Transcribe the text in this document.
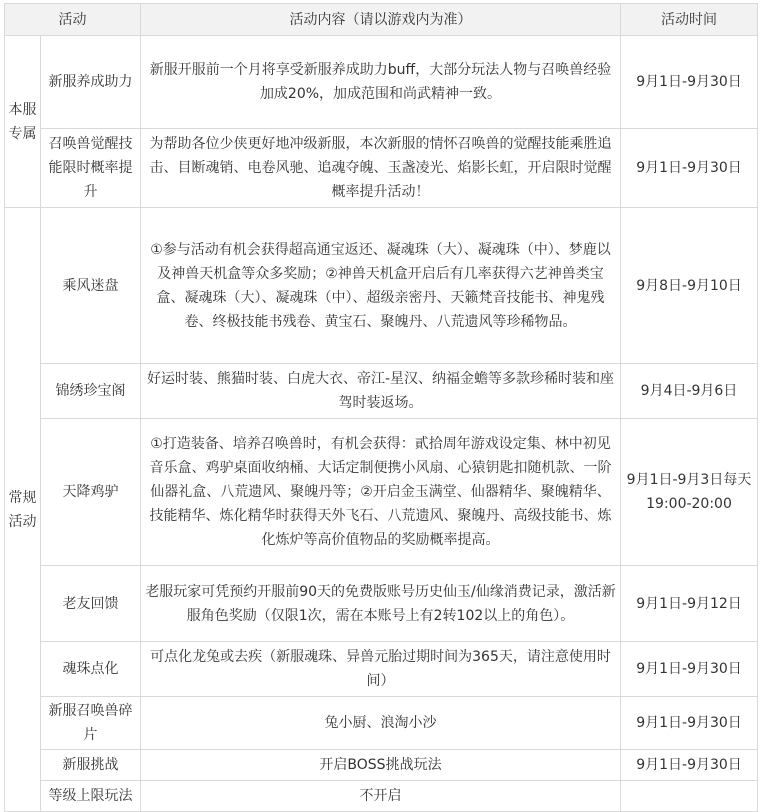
活动		活动内容（请以游戏内为准）	活动时间
本服专属	新服养成助力	新服开服前一个月将享受新服养成助力buff，大部分玩法人物与召唤兽经验加成20%，加成范围和尚武精神一致。	9月1日-9月30日
	召唤兽觉醒技能限时概率提升	为帮助各位少侠更好地冲级新服，本次新服的情怀召唤兽的觉醒技能乘胜追击、目断魂销、电卷风驰、追魂夺魄、玉盏凌光、焰影长虹，开启限时觉醒概率提升活动！	9月1日-9月30日
常规活动	乘风迷盘	①参与活动有机会获得超高通宝返还、凝魂珠（大）、凝魂珠（中）、梦鹿以及神兽天机盒等众多奖励；②神兽天机盒开启后有几率获得六艺神兽类宝盒、凝魂珠（大）、凝魂珠（中）、超级亲密丹、天籁梵音技能书、神鬼残卷、终极技能书残卷、黄宝石、聚魄丹、八荒遗风等珍稀物品。	9月8日-9月10日
	锦绣珍宝阁	好运时装、熊猫时装、白虎大衣、帝江-星汉、纳福金蟾等多款珍稀时装和座驾时装返场。	9月4日-9月6日
	天降鸡驴	①打造装备、培养召唤兽时，有机会获得：貳拾周年游戏设定集、林中初见音乐盒、鸡驴桌面收纳桶、大话定制便携小风扇、心猿钥匙扣随机款、一阶仙器礼盒、八荒遗风、聚魄丹等；②开启金玉满堂、仙器精华、聚魄精华、技能精华、炼化精华时获得天外飞石、八荒遗风、聚魄丹、高级技能书、炼化炼炉等高价值物品的奖励概率提高。	9月1日-9月3日每天19:00-20:00
	老友回馈	老服玩家可凭预约开服前90天的免费版账号历史仙玉/仙缘消费记录，激活新服角色奖励（仅限1次，需在本账号上有2转102以上的角色）。	9月1日-9月12日
	魂珠点化	可点化龙兔或去疾（新服魂珠、异兽元胎过期时间为365天，请注意使用时间）	9月1日-9月30日
	新服召唤兽碎片	兔小厨、浪淘小沙	9月1日-9月30日
	新服挑战	开启BOSS挑战玩法	9月1日-9月30日
	等级上限玩法	不开启	
